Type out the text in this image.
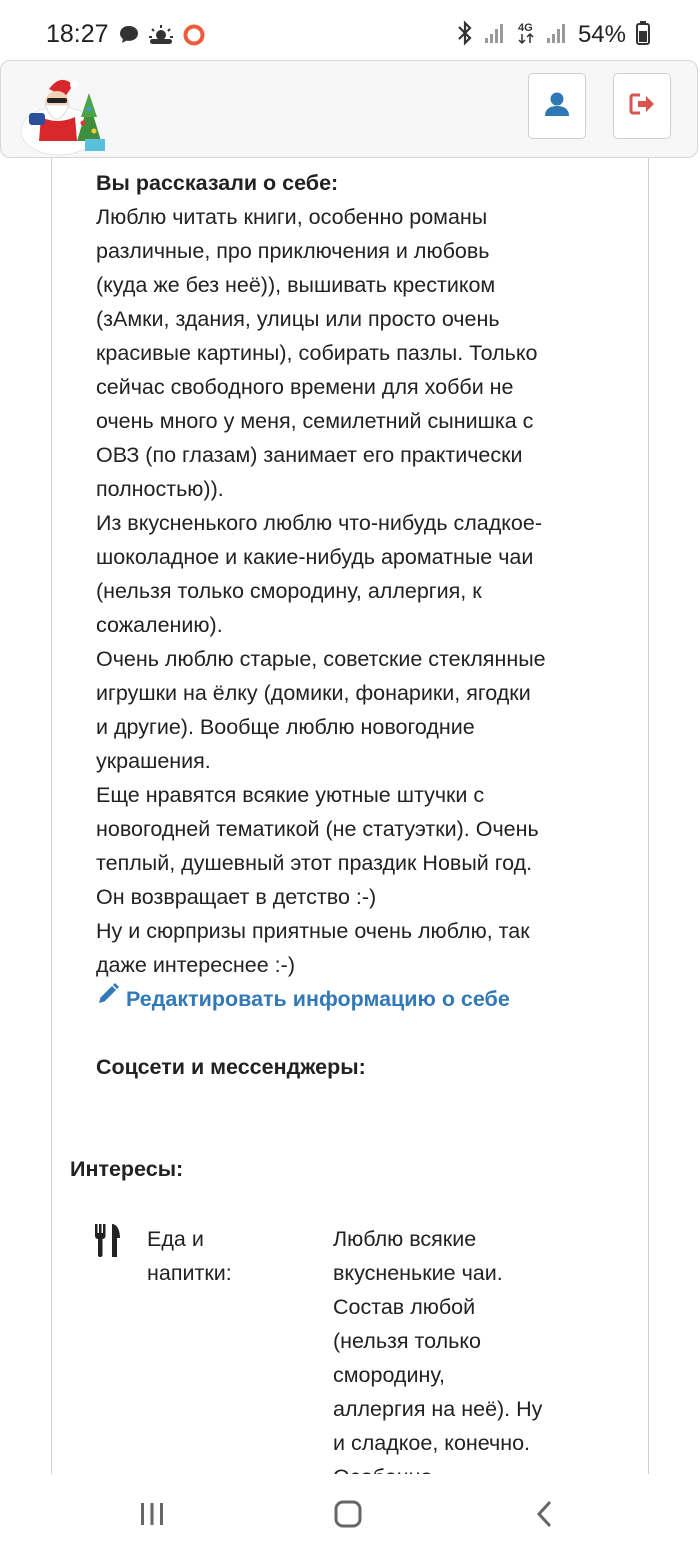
18:27	4G 54%

Вы рассказали о себе:

Люблю читать книги, особенно романы

различные, про приключения и любовь

(куда же без неё)), вышивать крестиком

(зАмки, здания, улицы или просто очень

красивые картины), собирать пазлы. Только

сейчас свободного времени для хобби не

очень много у меня, семилетний сынишка с

ОВЗ (по глазам) занимает его практически

полностью)).

Из вкусненького люблю что-нибудь сладкое-

шоколадное и какие-нибудь ароматные чаи

(нельзя только смородину, аллергия, к

сожалению).

Очень люблю старые, советские стеклянные

игрушки на ёлку (домики, фонарики, ягодки

и другие). Вообще люблю новогодние

украшения.

Еще нравятся всякие уютные штучки с

новогодней тематикой (не статуэтки). Очень

теплый, душевный этот праздик Новый год.

Он возвращает в детство :-)

Ну и сюрпризы приятные очень люблю, так

даже интереснее :-)

Редактировать информацию о себе
Соцсети и мессенджеры:
Интересы:
Еда и
напитки:
Люблю всякие
вкусненькие чаи.
Состав любой
(нельзя только
смородину,
аллергия на неё). Ну
и сладкое, конечно.
